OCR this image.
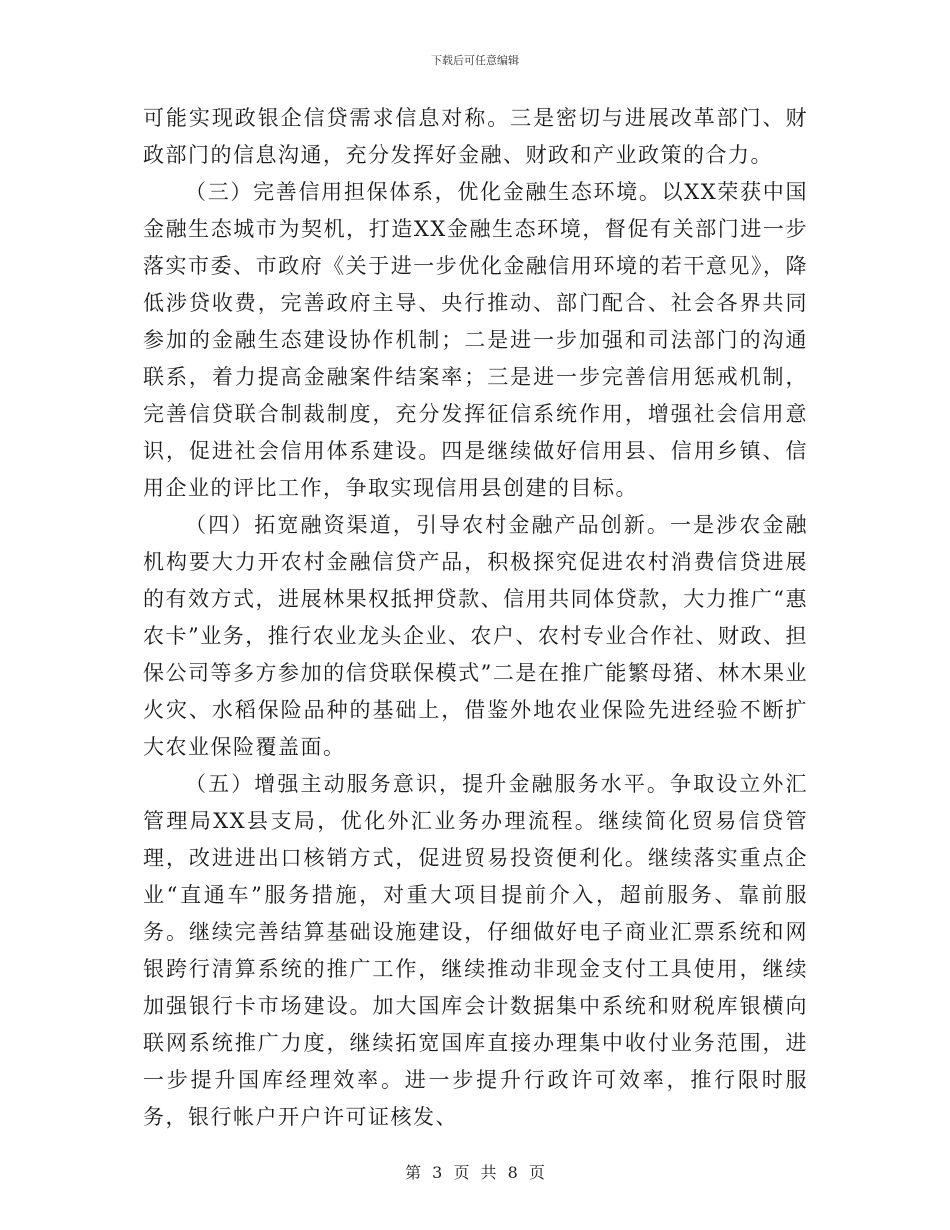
下载后可任意编辑

可能实现政银企信贷需求信息对称。三是密切与进展改革部门、财政部门的信息沟通，充分发挥好金融、财政和产业政策的合力。

（三）完善信用担保体系，优化金融生态环境。以XX荣获中国金融生态城市为契机，打造XX金融生态环境，督促有关部门进一步落实市委、市政府《关于进一步优化金融信用环境的若干意见》，降低涉贷收费，完善政府主导、央行推动、部门配合、社会各界共同参加的金融生态建设协作机制；二是进一步加强和司法部门的沟通联系，着力提高金融案件结案率；三是进一步完善信用惩戒机制，完善信贷联合制裁制度，充分发挥征信系统作用，增强社会信用意识，促进社会信用体系建设。四是继续做好信用县、信用乡镇、信用企业的评比工作，争取实现信用县创建的目标。

（四）拓宽融资渠道，引导农村金融产品创新。一是涉农金融机构要大力开农村金融信贷产品，积极探究促进农村消费信贷进展的有效方式，进展林果权抵押贷款、信用共同体贷款，大力推广“惠农卡”业务，推行农业龙头企业、农户、农村专业合作社、财政、担保公司等多方参加的信贷联保模式”二是在推广能繁母猪、林木果业火灾、水稻保险品种的基础上，借鉴外地农业保险先进经验不断扩大农业保险覆盖面。

（五）增强主动服务意识，提升金融服务水平。争取设立外汇管理局XX县支局，优化外汇业务办理流程。继续简化贸易信贷管理，改进进出口核销方式，促进贸易投资便利化。继续落实重点企业“直通车”服务措施，对重大项目提前介入，超前服务、靠前服务。继续完善结算基础设施建设，仔细做好电子商业汇票系统和网银跨行清算系统的推广工作，继续推动非现金支付工具使用，继续加强银行卡市场建设。加大国库会计数据集中系统和财税库银横向联网系统推广力度，继续拓宽国库直接办理集中收付业务范围，进一步提升国库经理效率。进一步提升行政许可效率，推行限时服务，银行帐户开户许可证核发、

第 3 页 共 8 页
